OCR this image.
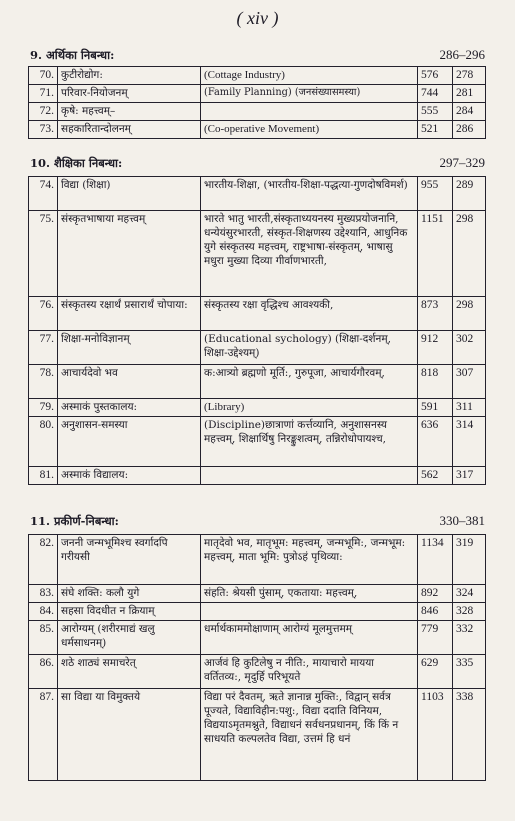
( xiv )
9. अर्थिका निबन्धा:	286–296
70.	कुटीरोद्योग:	(Cottage Industry)	576	278
71.	परिवार-नियोजनम्	(Family Planning) (जनसंख्यासमस्या)	744	281
72.	कृषे: महत्त्वम्–		555	284
73.	सहकारितान्दोलनम्	(Co-operative Movement)	521	286
10. शैक्षिका निबन्धा:	297–329
74.	विद्या (शिक्षा)	भारतीय-शिक्षा, (भारतीय-शिक्षा-पद्धत्या-गुणदोषविमर्श)	955	289
75.	संस्कृतभाषाया महत्त्वम्	भारते भातु भारती,संस्कृताध्ययनस्य मुख्यप्रयोजनानि, धन्येयंसुरभारती, संस्कृत-शिक्षणस्य उद्देश्यानि, आधुनिक युगे संस्कृतस्य महत्त्वम्, राष्ट्रभाषा-संस्कृतम्, भाषासु मधुरा मुख्या दिव्या गीर्वाणभारती,	1151	298
76.	संस्कृतस्य रक्षार्थं प्रसारार्थं चोपाया:	संस्कृतस्य रक्षा वृद्धिश्च आवश्यकी,	873	298
77.	शिक्षा-मनोविज्ञानम्	(Educational sychology) (शिक्षा-दर्शनम्, शिक्षा-उद्देश्यम्)	912	302
78.	आचार्यदेवो भव	क:आत्र्यो ब्रह्मणो मूर्ति:, गुरुपूजा, आचार्यगौरवम्,	818	307
79.	अस्माकं पुस्तकालय:	(Library)	591	311
80.	अनुशासन-समस्या	(Discipline)छात्राणां कर्त्तव्यानि, अनुशासनस्य महत्त्वम्, शिक्षार्थिषु निरङ्कुशत्वम्, तन्निरोधोपायश्च,	636	314
81.	अस्माकं विद्यालय:		562	317
11. प्रकीर्ण-निबन्धा:	330–381
82.	जननी जन्मभूमिश्च स्वर्गादपि गरीयसी	मातृदेवो भव, मातृभूम: महत्त्वम्, जन्मभूमि:, जन्मभूम: महत्त्वम्, माता भूमि: पुत्रोऽहं पृथिव्या:	1134	319
83.	संघे शक्ति: कलौ युगे	संहति: श्रेयसी पुंसाम्, एकताया: महत्त्वम्,	892	324
84.	सहसा विदधीत न क्रियाम्		846	328
85.	आरोग्यम् (शरीरमाद्यं खलु धर्मसाधनम्)	धर्मार्थकाममोक्षाणाम् आरोग्यं मूलमुत्तमम्	779	332
86.	शठे शाठ्यं समाचरेत्	आर्जवं हि कुटिलेषु न नीति:, मायाचारो मायया वर्तितव्य:, मृदुर्हि परिभूयते	629	335
87.	सा विद्या या विमुक्तये	विद्या परं दैवतम्, ऋते ज्ञानान्न मुक्ति:, विद्वान् सर्वत्र पूज्यते, विद्याविहीन:पशु:, विद्या ददाति विनियम, विद्ययाऽमृतमश्नुते, विद्याधनं सर्वधनप्रधानम्, किं किं न साधयति कल्पलतेव विद्या, उत्तमं हि धनं	1103	338
